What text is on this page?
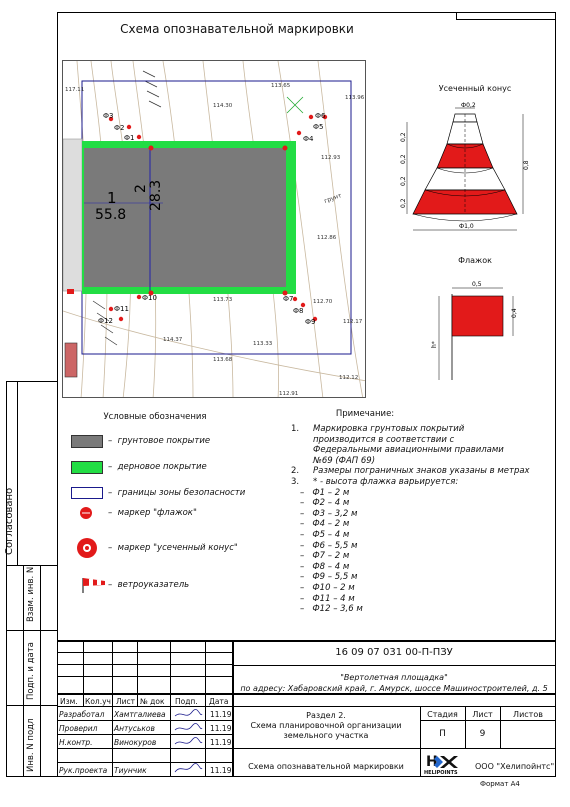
Согласовано
Взам. инв. N
Подп. и дата
Инв. N подл
Схема опознавательной маркировки
1
55.8
2 28.3
Ф3
Ф2
Ф1
Ф5
Ф4
Ф6
Ф7
Ф8
Ф9
Ф10
Ф11
Ф12
117.11
114.30
113.65
113.96
112.93
112.86
113.73	112.70
112.17
113.33
113.68
114.37
112.12
112.91
грунт
Усеченный конус
Ф0,2
Ф1,0
0,8
0,2
0,2
0,2
0,2
Флажок
0,5
0,4
h*
Условные обозначения
– грунтовое покрытие
– дерновое покрытие
– границы зоны безопасности
– маркер "флажок"
– маркер "усеченный конус"
– ветроуказатель
Примечание:
1.	Маркировка грунтовых покрытий производится в соответствии с Федеральными авиационными правилами №69 (ФАП 69)
2.	Размеры пограничных знаков указаны в метрах
3.	* - высота флажка варьируется:
– Ф1 – 2 м
– Ф2 – 4 м
– Ф3 – 3,2 м
– Ф4 – 2 м
– Ф5 – 4 м
– Ф6 – 5,5 м
– Ф7 – 2 м
– Ф8 – 4 м
– Ф9 – 5,5 м
– Ф10 – 2 м
– Ф11 – 4 м
– Ф12 – 3,6 м
16 09 07 031 00-П-ПЗУ
"Вертолетная площадка"
по адресу: Хабаровский край, г. Амурск, шоссе Машиностроителей, д. 5
Изм. Кол.уч Лист № док Подп. Дата
Разработал Хамтгалиева	11.19
Проверил Антуськов	11.19
Н.контр.	Винокуров	11.19
Рук.проекта Тиунчик	11.19
Раздел 2.
Схема планировочной организации земельного участка
Стадия	Лист	Листов
П	9
Схема опознавательной маркировки	H
HELIPOINTS
ООО "Хелипойнтс"
Формат А4
